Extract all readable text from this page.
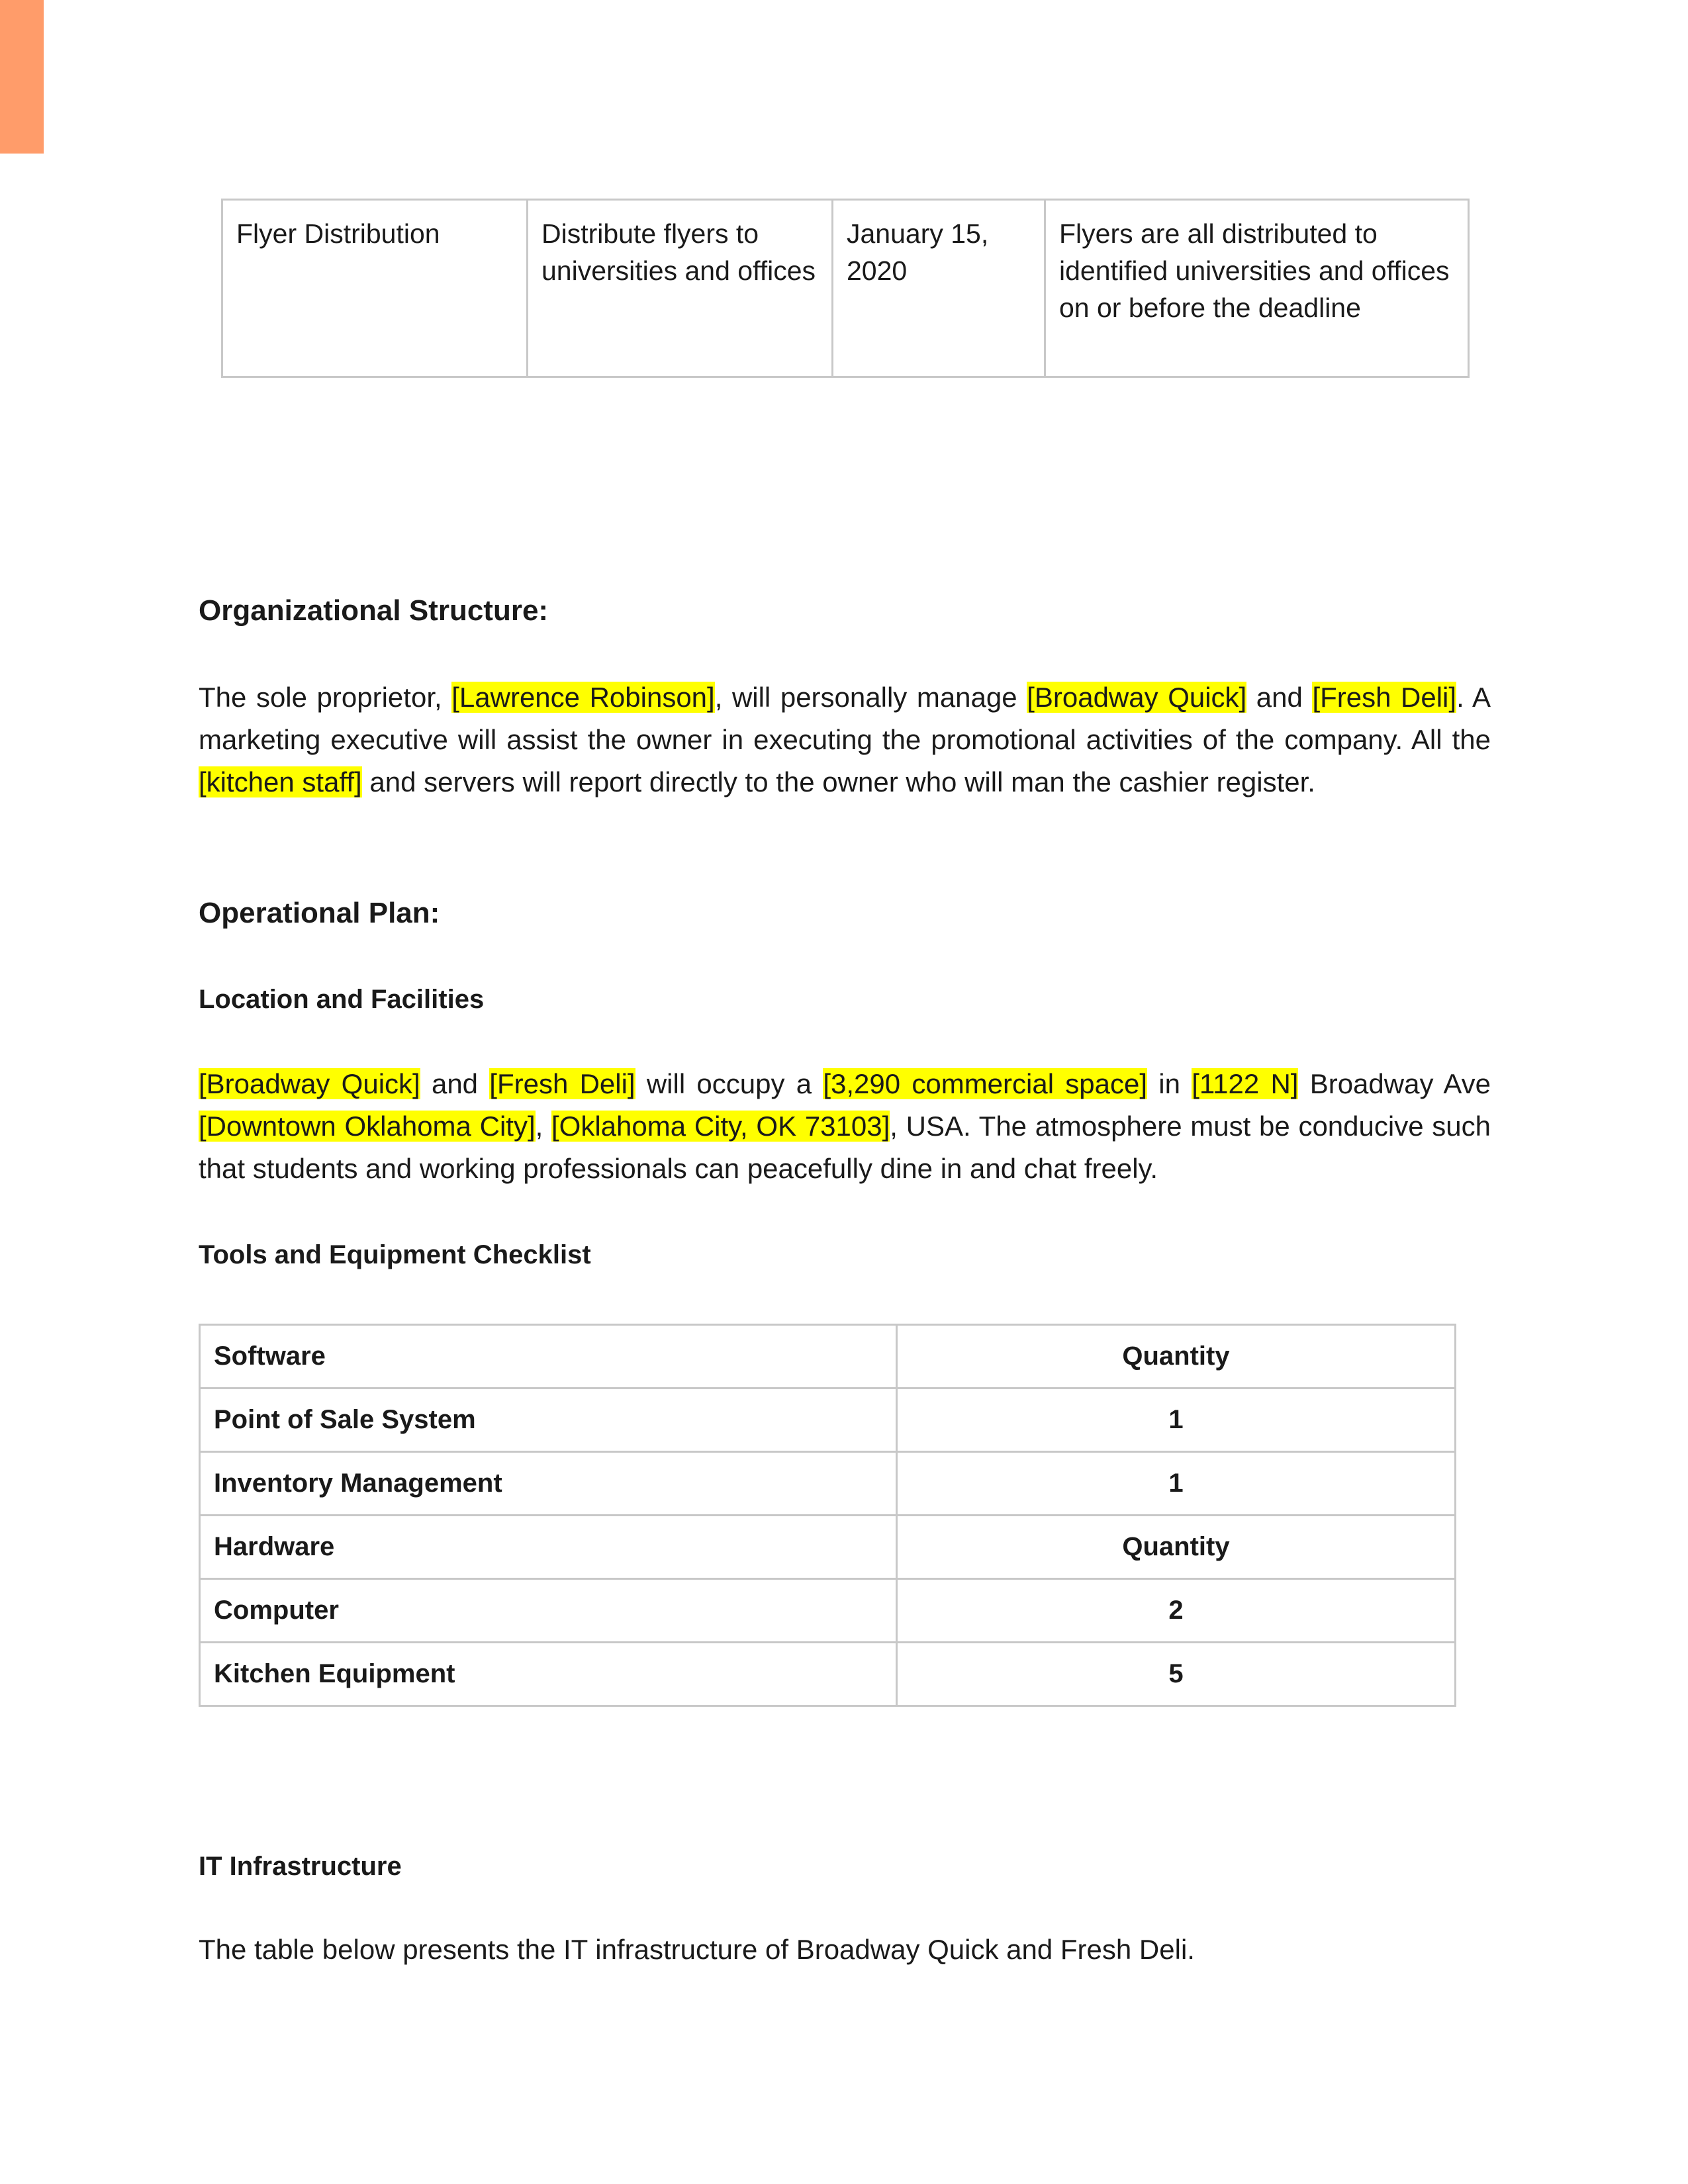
Flyer Distribution	Distribute flyers to universities and offices	January 15, 2020	Flyers are all distributed to identified universities and offices on or before the deadline
Organizational Structure:
The sole proprietor, [Lawrence Robinson], will personally manage [Broadway Quick] and [Fresh Deli]. A marketing executive will assist the owner in executing the promotional activities of the company. All the [kitchen staff] and servers will report directly to the owner who will man the cashier register.
Operational Plan:
Location and Facilities
[Broadway Quick] and [Fresh Deli] will occupy a [3,290 commercial space] in [1122 N] Broadway Ave [Downtown Oklahoma City], [Oklahoma City, OK 73103], USA. The atmosphere must be conducive such that students and working professionals can peacefully dine in and chat freely.
Tools and Equipment Checklist
Software	Quantity
Point of Sale System	1
Inventory Management	1
Hardware	Quantity
Computer	2
Kitchen Equipment	5
IT Infrastructure
The table below presents the IT infrastructure of Broadway Quick and Fresh Deli.
